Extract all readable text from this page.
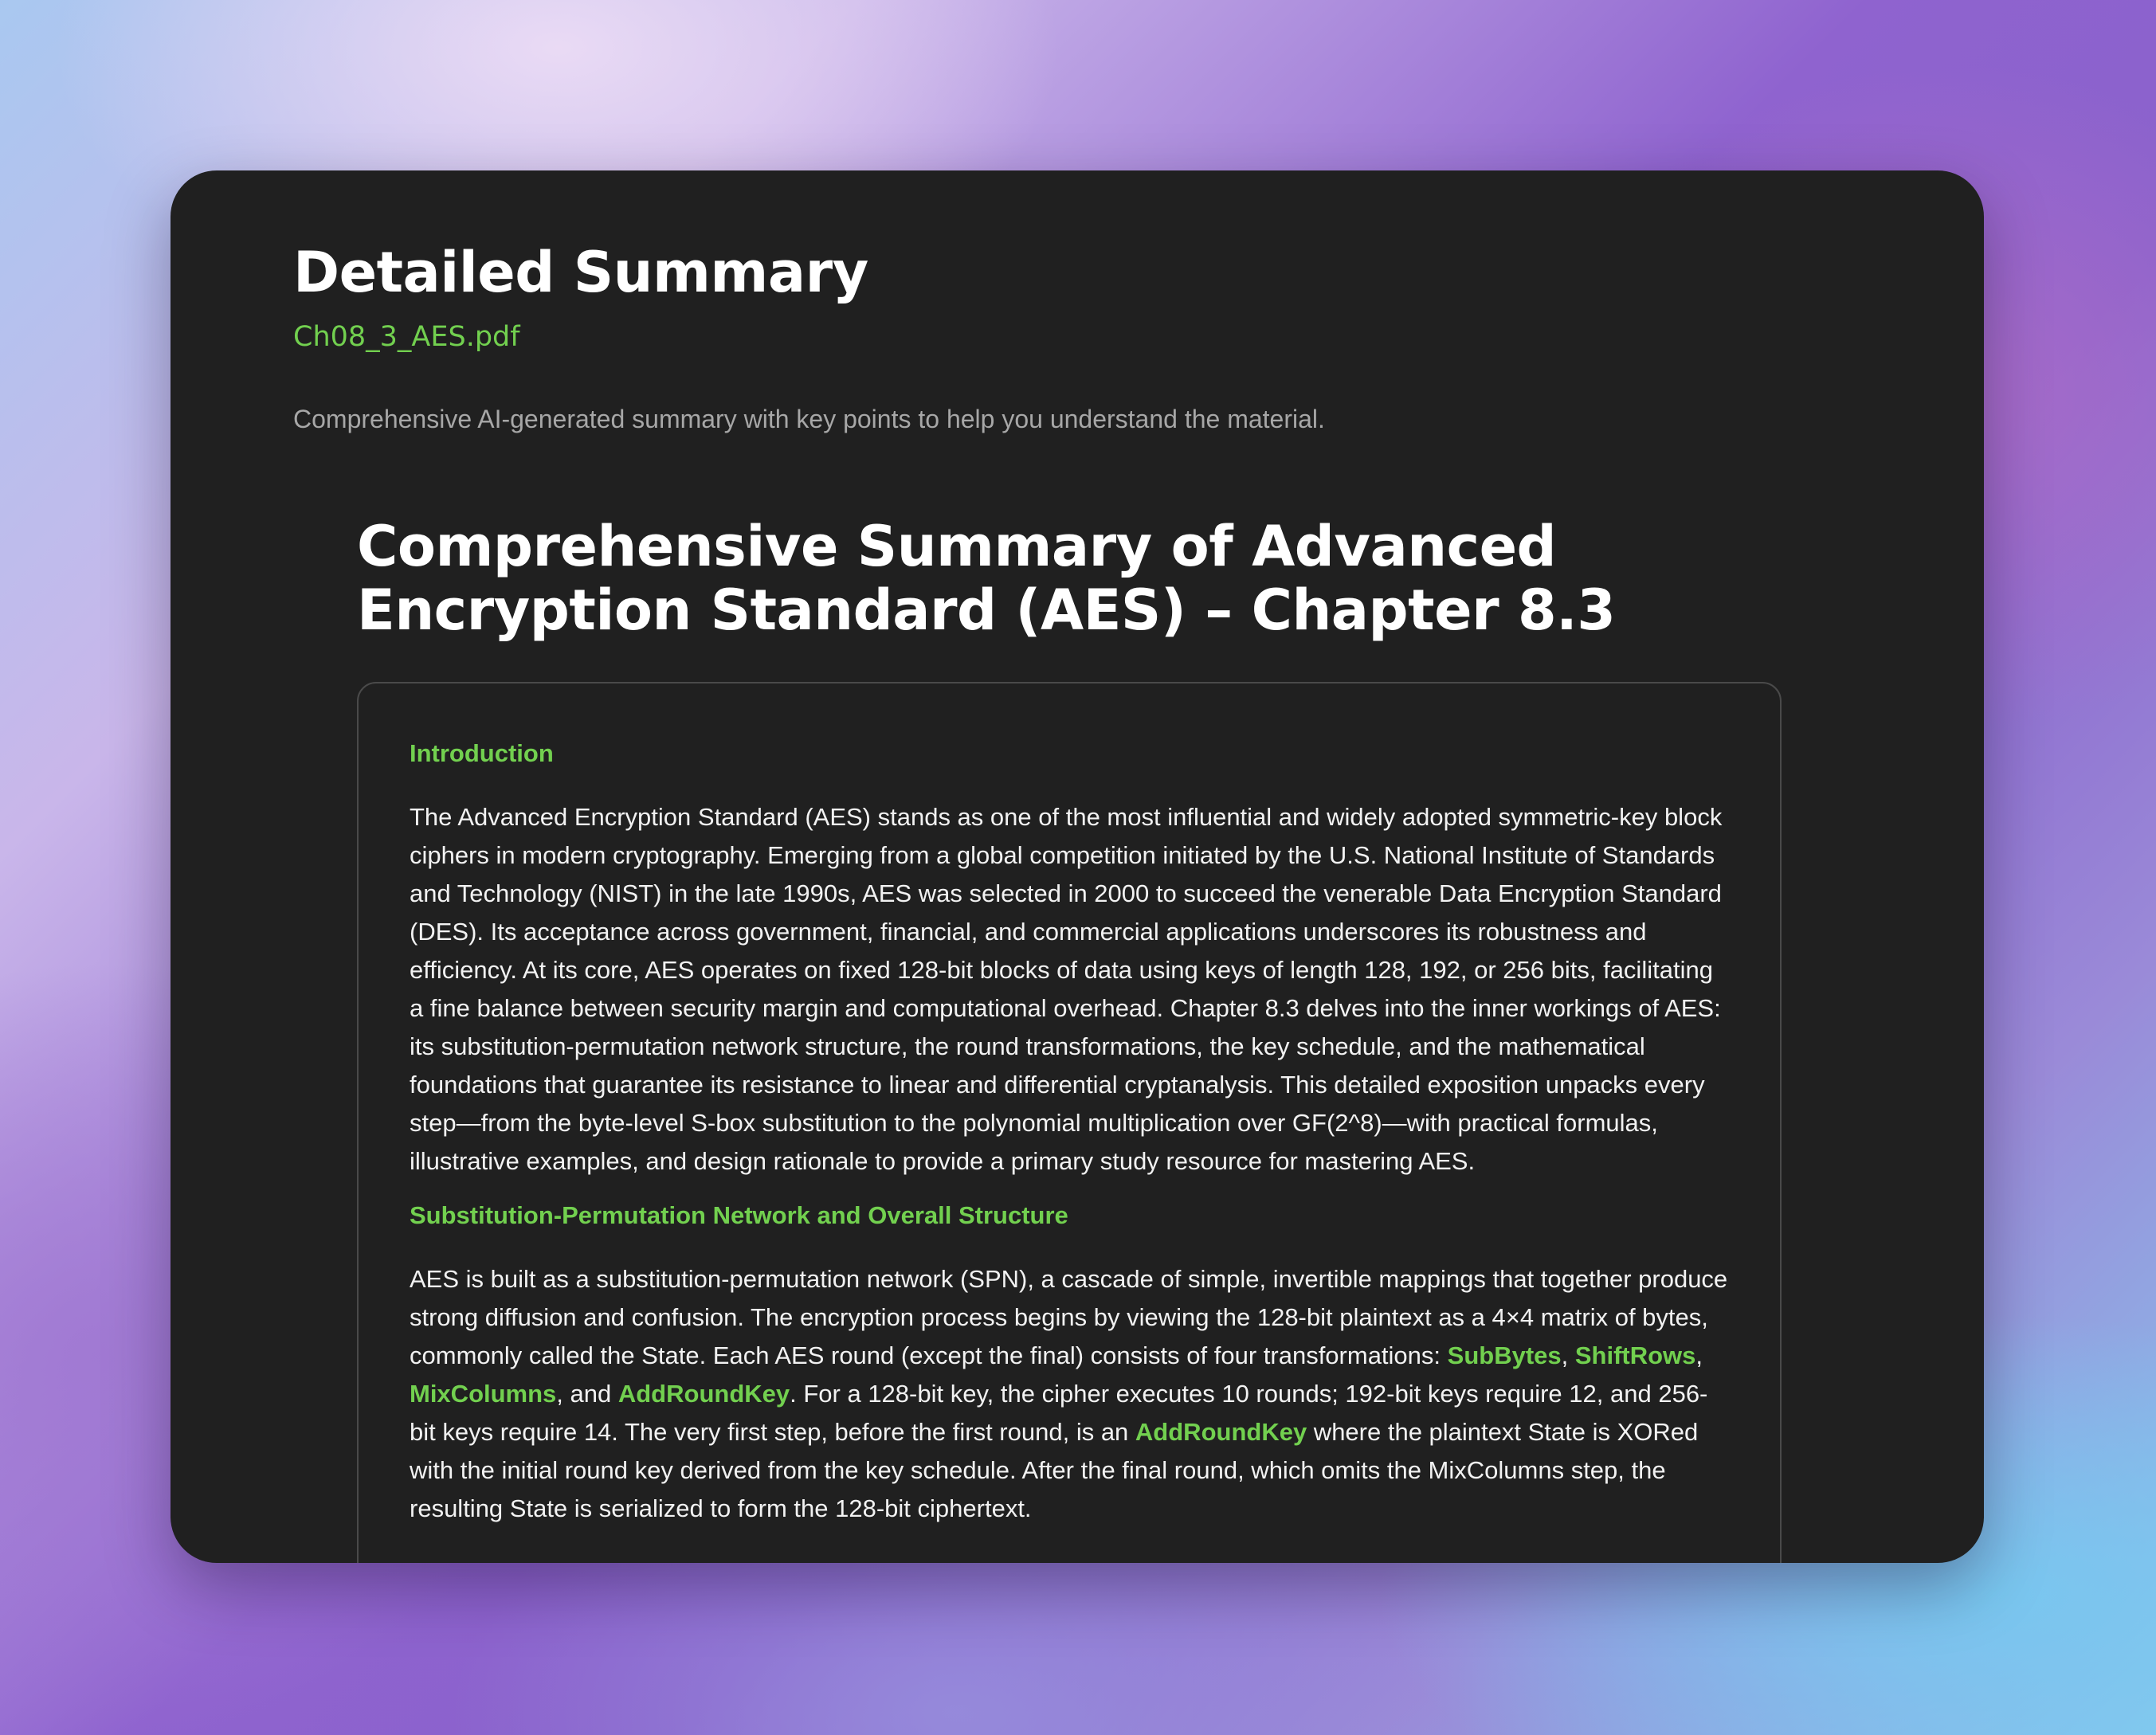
Detailed Summary
Ch08_3_AES.pdf
Comprehensive AI-generated summary with key points to help you understand the material.
Comprehensive Summary of Advanced Encryption Standard (AES) – Chapter 8.3
Introduction

The Advanced Encryption Standard (AES) stands as one of the most influential and widely adopted symmetric-key block ciphers in modern cryptography. Emerging from a global competition initiated by the U.S. National Institute of Standards and Technology (NIST) in the late 1990s, AES was selected in 2000 to succeed the venerable Data Encryption Standard (DES). Its acceptance across government, financial, and commercial applications underscores its robustness and efficiency. At its core, AES operates on fixed 128-bit blocks of data using keys of length 128, 192, or 256 bits, facilitating a fine balance between security margin and computational overhead. Chapter 8.3 delves into the inner workings of AES: its substitution-permutation network structure, the round transformations, the key schedule, and the mathematical foundations that guarantee its resistance to linear and differential cryptanalysis. This detailed exposition unpacks every step—from the byte-level S-box substitution to the polynomial multiplication over GF(2^8)—with practical formulas, illustrative examples, and design rationale to provide a primary study resource for mastering AES.

Substitution-Permutation Network and Overall Structure

AES is built as a substitution-permutation network (SPN), a cascade of simple, invertible mappings that together produce strong diffusion and confusion. The encryption process begins by viewing the 128-bit plaintext as a 4×4 matrix of bytes, commonly called the State. Each AES round (except the final) consists of four transformations: SubBytes, ShiftRows, MixColumns, and AddRoundKey. For a 128-bit key, the cipher executes 10 rounds; 192-bit keys require 12, and 256-bit keys require 14. The very first step, before the first round, is an AddRoundKey where the plaintext State is XORed with the initial round key derived from the key schedule. After the final round, which omits the MixColumns step, the resulting State is serialized to form the 128-bit ciphertext.
